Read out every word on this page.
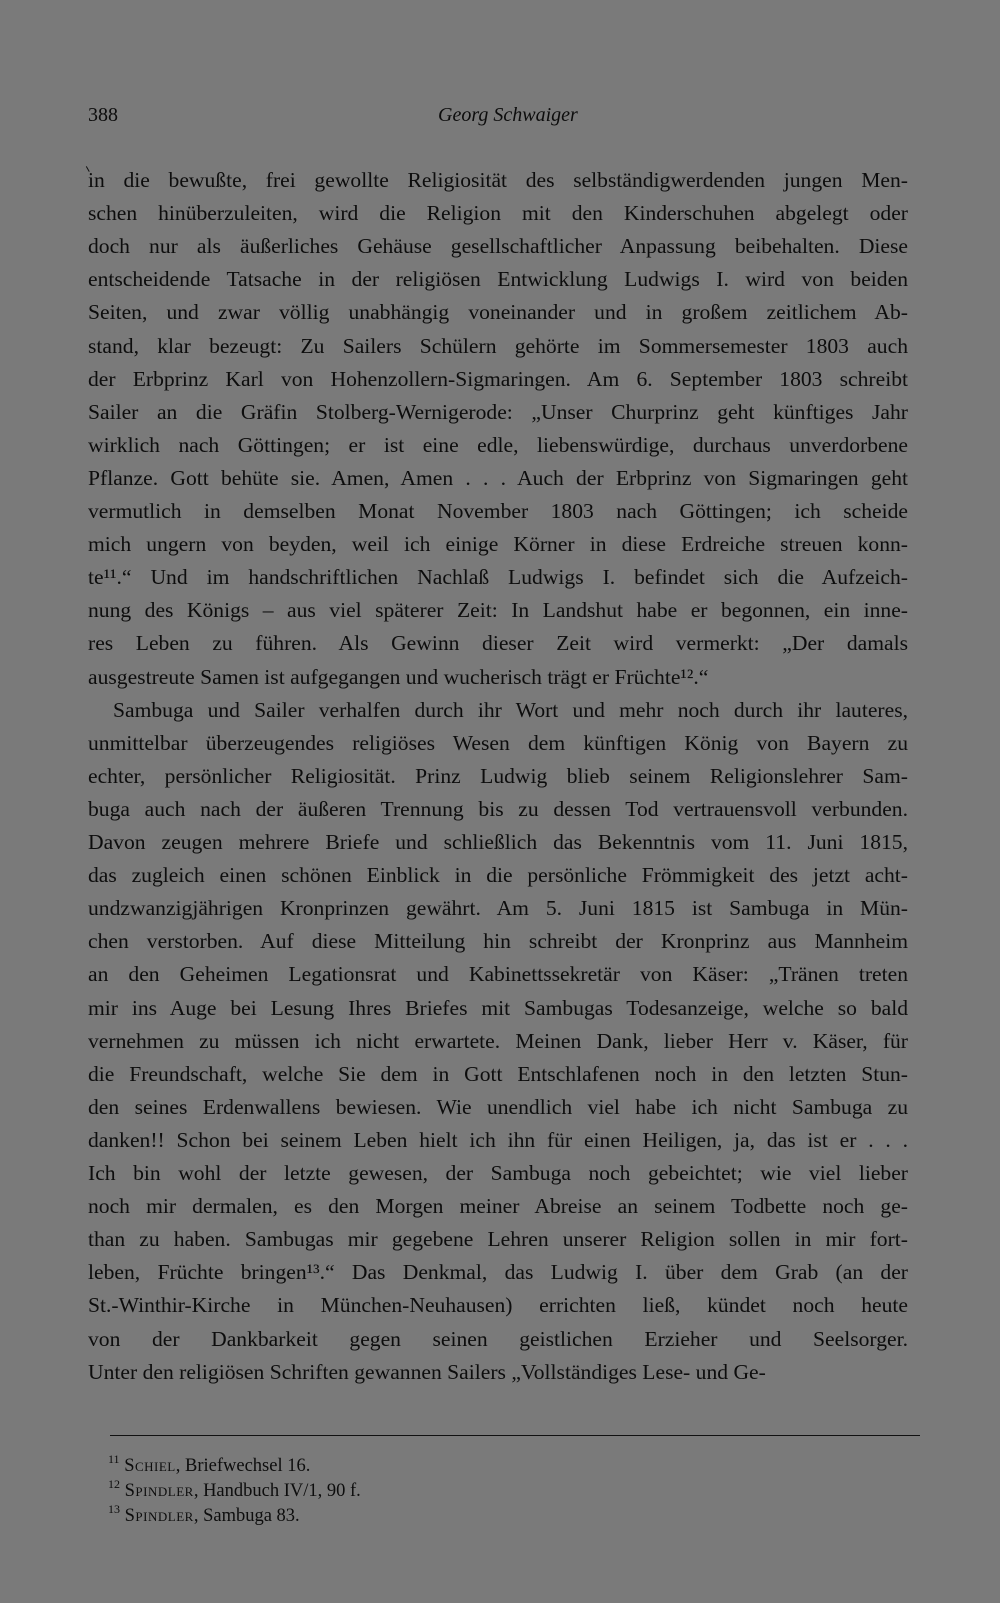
388	Georg Schwaiger
in die bewußte, frei gewollte Religiosität des selbständigwerdenden jungen Men-
schen hinüberzuleiten, wird die Religion mit den Kinderschuhen abgelegt oder
doch nur als äußerliches Gehäuse gesellschaftlicher Anpassung beibehalten. Diese
entscheidende Tatsache in der religiösen Entwicklung Ludwigs I. wird von beiden
Seiten, und zwar völlig unabhängig voneinander und in großem zeitlichem Ab-
stand, klar bezeugt: Zu Sailers Schülern gehörte im Sommersemester 1803 auch
der Erbprinz Karl von Hohenzollern-Sigmaringen. Am 6. September 1803 schreibt
Sailer an die Gräfin Stolberg-Wernigerode: „Unser Churprinz geht künftiges Jahr
wirklich nach Göttingen; er ist eine edle, liebenswürdige, durchaus unverdorbene
Pflanze. Gott behüte sie. Amen, Amen . . . Auch der Erbprinz von Sigmaringen geht
vermutlich in demselben Monat November 1803 nach Göttingen; ich scheide
mich ungern von beyden, weil ich einige Körner in diese Erdreiche streuen konn-
te¹¹.“ Und im handschriftlichen Nachlaß Ludwigs I. befindet sich die Aufzeich-
nung des Königs – aus viel späterer Zeit: In Landshut habe er begonnen, ein inne-
res Leben zu führen. Als Gewinn dieser Zeit wird vermerkt: „Der damals
ausgestreute Samen ist aufgegangen und wucherisch trägt er Früchte¹².“
Sambuga und Sailer verhalfen durch ihr Wort und mehr noch durch ihr lauteres,
unmittelbar überzeugendes religiöses Wesen dem künftigen König von Bayern zu
echter, persönlicher Religiosität. Prinz Ludwig blieb seinem Religionslehrer Sam-
buga auch nach der äußeren Trennung bis zu dessen Tod vertrauensvoll verbunden.
Davon zeugen mehrere Briefe und schließlich das Bekenntnis vom 11. Juni 1815,
das zugleich einen schönen Einblick in die persönliche Frömmigkeit des jetzt acht-
undzwanzigjährigen Kronprinzen gewährt. Am 5. Juni 1815 ist Sambuga in Mün-
chen verstorben. Auf diese Mitteilung hin schreibt der Kronprinz aus Mannheim
an den Geheimen Legationsrat und Kabinettssekretär von Käser: „Tränen treten
mir ins Auge bei Lesung Ihres Briefes mit Sambugas Todesanzeige, welche so bald
vernehmen zu müssen ich nicht erwartete. Meinen Dank, lieber Herr v. Käser, für
die Freundschaft, welche Sie dem in Gott Entschlafenen noch in den letzten Stun-
den seines Erdenwallens bewiesen. Wie unendlich viel habe ich nicht Sambuga zu
danken!! Schon bei seinem Leben hielt ich ihn für einen Heiligen, ja, das ist er . . .
Ich bin wohl der letzte gewesen, der Sambuga noch gebeichtet; wie viel lieber
noch mir dermalen, es den Morgen meiner Abreise an seinem Todbette noch ge-
than zu haben. Sambugas mir gegebene Lehren unserer Religion sollen in mir fort-
leben, Früchte bringen¹³.“ Das Denkmal, das Ludwig I. über dem Grab (an der
St.-Winthir-Kirche in München-Neuhausen) errichten ließ, kündet noch heute
von der Dankbarkeit gegen seinen geistlichen Erzieher und Seelsorger.
Unter den religiösen Schriften gewannen Sailers „Vollständiges Lese- und Ge-
$^{11}$ Schiel, Briefwechsel 16.
$^{12}$ Spindler, Handbuch IV/1, 90 f.
$^{13}$ Spindler, Sambuga 83.
